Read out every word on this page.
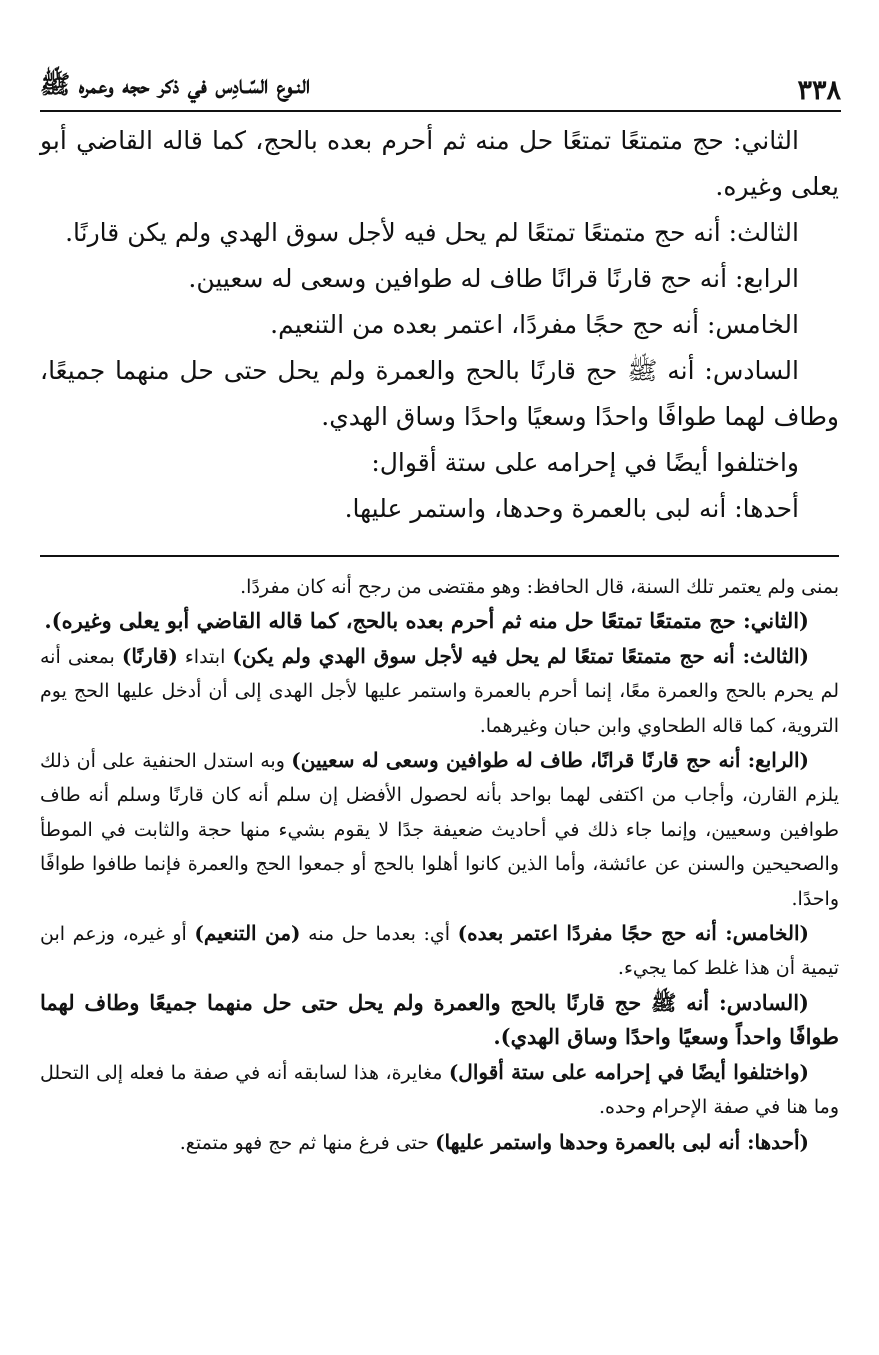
٣٣٨
النـوع السّـادِس في ذكر حجه وعمره ﷺ

الثاني: حج متمتعًا تمتعًا حل منه ثم أحرم بعده بالحج، كما قاله القاضي أبو يعلى وغيره.

الثالث: أنه حج متمتعًا تمتعًا لم يحل فيه لأجل سوق الهدي ولم يكن قارنًا.

الرابع: أنه حج قارنًا قرانًا طاف له طوافين وسعى له سعيين.

الخامس: أنه حج حجًا مفردًا، اعتمر بعده من التنعيم.

السادس: أنه ﷺ حج قارنًا بالحج والعمرة ولم يحل حتى حل منهما جميعًا، وطاف لهما طوافًا واحدًا وسعيًا واحدًا وساق الهدي.

واختلفوا أيضًا في إحرامه على ستة أقوال:

أحدها: أنه لبى بالعمرة وحدها، واستمر عليها.

بمنى ولم يعتمر تلك السنة، قال الحافظ: وهو مقتضى من رجح أنه كان مفردًا.

(الثاني: حج متمتعًا تمتعًا حل منه ثم أحرم بعده بالحج، كما قاله القاضي أبو يعلى وغيره).

(الثالث: أنه حج متمتعًا تمتعًا لم يحل فيه لأجل سوق الهدي ولم يكن) ابتداء (قارنًا) بمعنى أنه لم يحرم بالحج والعمرة معًا، إنما أحرم بالعمرة واستمر عليها لأجل الهدى إلى أن أدخل عليها الحج يوم التروية، كما قاله الطحاوي وابن حبان وغيرهما.

(الرابع: أنه حج قارنًا قرانًا، طاف له طوافين وسعى له سعيين) وبه استدل الحنفية على أن ذلك يلزم القارن، وأجاب من اكتفى لهما بواحد بأنه لحصول الأفضل إن سلم أنه كان قارنًا وسلم أنه طاف طوافين وسعيين، وإنما جاء ذلك في أحاديث ضعيفة جدًا لا يقوم بشيء منها حجة والثابت في الموطأ والصحيحين والسنن عن عائشة، وأما الذين كانوا أهلوا بالحج أو جمعوا الحج والعمرة فإنما طافوا طوافًا واحدًا.

(الخامس: أنه حج حجًا مفردًا اعتمر بعده) أي: بعدما حل منه (من التنعيم) أو غيره، وزعم ابن تيمية أن هذا غلط كما يجيء.

(السادس: أنه ﷺ حج قارنًا بالحج والعمرة ولم يحل حتى حل منهما جميعًا وطاف لهما طوافًا واحداً وسعيًا واحدًا وساق الهدي).

(واختلفوا أيضًا في إحرامه على ستة أقوال) مغايرة، هذا لسابقه أنه في صفة ما فعله إلى التحلل وما هنا في صفة الإحرام وحده.

(أحدها: أنه لبى بالعمرة وحدها واستمر عليها) حتى فرغ منها ثم حج فهو متمتع.
